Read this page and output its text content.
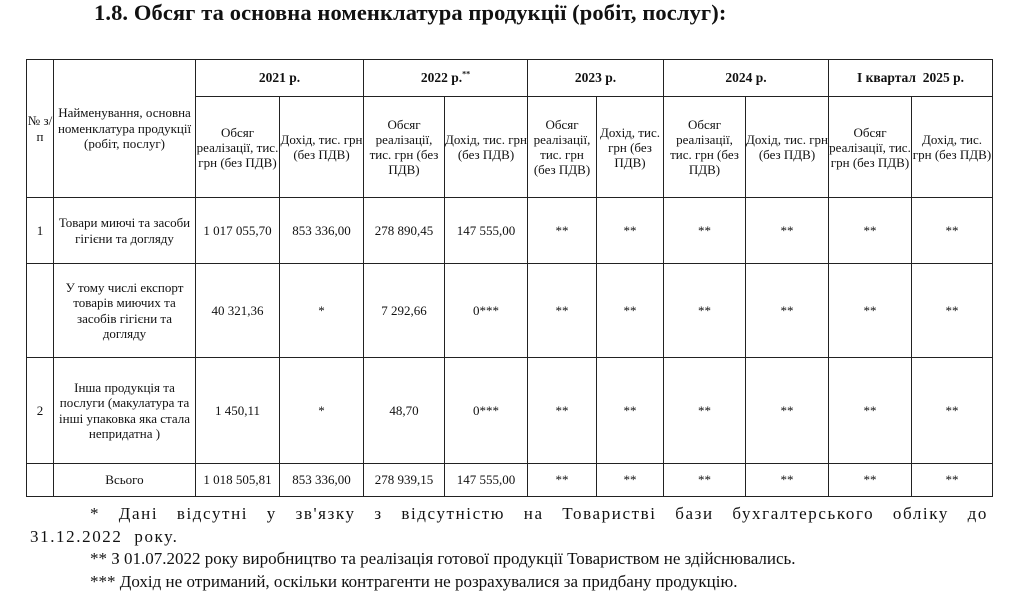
1.8. Обсяг та основна номенклатура продукції (робіт, послуг):
№ з/п	Найменування, основна номенклатура продукції (робіт, послуг)	2021 р.		2022 р.**		2023 р.		2024 р.		І квартал  2025 р.	
		Обсяг реалізації, тис. грн (без ПДВ)	Дохід, тис. грн (без ПДВ)	Обсяг реалізації, тис. грн (без ПДВ)	Дохід, тис. грн (без ПДВ)	Обсяг реалізації, тис. грн (без ПДВ)	Дохід, тис. грн (без ПДВ)	Обсяг реалізації, тис. грн (без ПДВ)	Дохід, тис. грн (без ПДВ)	Обсяг реалізації, тис. грн (без ПДВ)	Дохід, тис. грн (без ПДВ)
1	Товари миючі та засоби гігієни та догляду	1 017 055,70	853 336,00	278 890,45	147 555,00	**	**	**	**	**	**
	У тому числі експорт товарів миючих та засобів гігієни та догляду	40 321,36	*	7 292,66	0***	**	**	**	**	**	**
2	Інша продукція та послуги (макулатура та інші упаковка яка стала непридатна )	1 450,11	*	48,70	0***	**	**	**	**	**	**
	Всього	1 018 505,81	853 336,00	278 939,15	147 555,00	**	**	**	**	**	**
* Дані відсутні у зв'язку з відсутністю на Товаристві бази бухгалтерського обліку до 31.12.2022 року.
** З 01.07.2022 року виробництво та реалізація готової продукції Товариством не здійснювались.
*** Дохід не отриманий, оскільки контрагенти не розрахувалися за придбану продукцію.
